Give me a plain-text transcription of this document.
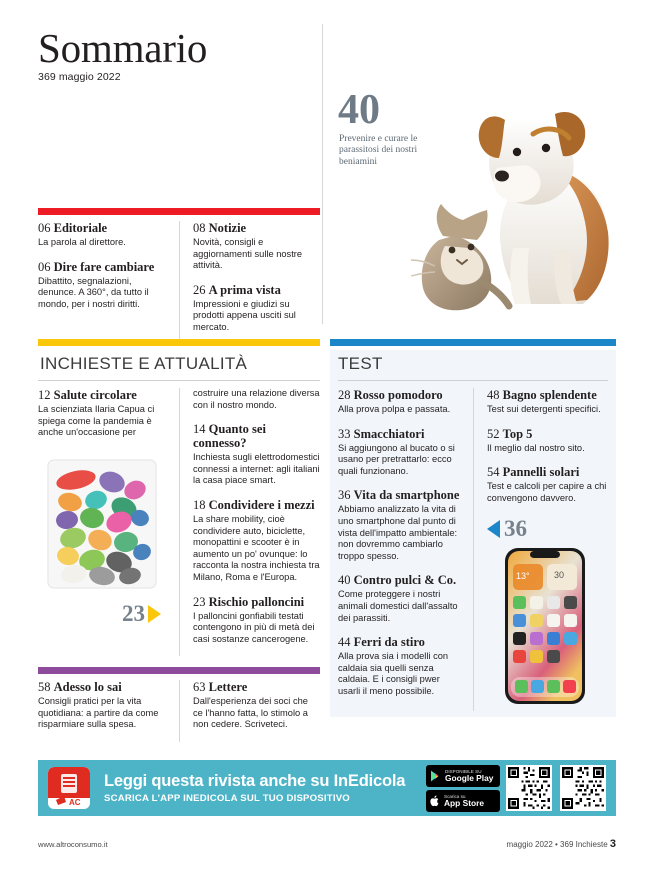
Sommario
369 maggio 2022
40
Prevenire e curare le parassitosi dei nostri beniamini
06 Editoriale
La parola al direttore.
06 Dire fare cambiare
Dibattito, segnalazioni, denunce. A 360°, da tutto il mondo, per i nostri diritti.
08 Notizie
Novità, consigli e aggiornamenti sulle nostre attività.
26 A prima vista
Impressioni e giudizi su prodotti appena usciti sul mercato.
INCHIESTE E ATTUALITÀ
12 Salute circolare
La scienziata Ilaria Capua ci spiega come la pandemia è anche un'occasione per
23
costruire una relazione diversa con il nostro mondo.
14 Quanto sei connesso?
Inchiesta sugli elettrodomestici connessi a internet: agli italiani la casa piace smart.
18 Condividere i mezzi
La share mobility, cioè condividere auto, biciclette, monopattini e scooter è in aumento un po' ovunque: lo racconta la nostra inchiesta tra Milano, Roma e l'Europa.
23 Rischio palloncini
I palloncini gonfiabili testati contengono in più di metà dei casi sostanze cancerogene.
TEST
28 Rosso pomodoro
Alla prova polpa e passata.
33 Smacchiatori
Si aggiungono al bucato o si usano per pretrattarlo: ecco quali funzionano.
36 Vita da smartphone
Abbiamo analizzato la vita di uno smartphone dal punto di vista dell'impatto ambientale: non dovremmo cambiarlo troppo spesso.
40 Contro pulci & Co.
Come proteggere i nostri animali domestici dall'assalto dei parassiti.
44 Ferri da stiro
Alla prova sia i modelli con caldaia sia quelli senza caldaia. E i consigli pwer usarli il meno possibile.
48 Bagno splendente
Test sui detergenti specifici.
52 Top 5
Il meglio dal nostro sito.
54 Pannelli solari
Test e calcoli per capire a chi convengono davvero.
36
30
13°
58 Adesso lo sai
Consigli pratici per la vita quotidiana: a partire da come risparmiare sulla spesa.
63 Lettere
Dall'esperienza dei soci che ce l'hanno fatta, lo stimolo a non cedere. Scriveteci.
AC
Leggi questa rivista anche su InEdicola
SCARICA L'APP INEDICOLA SUL TUO DISPOSITIVO
DISPONIBILE SU
Google Play
Scarica su
App Store
www.altroconsumo.it	maggio 2022 • 369 Inchieste 3
